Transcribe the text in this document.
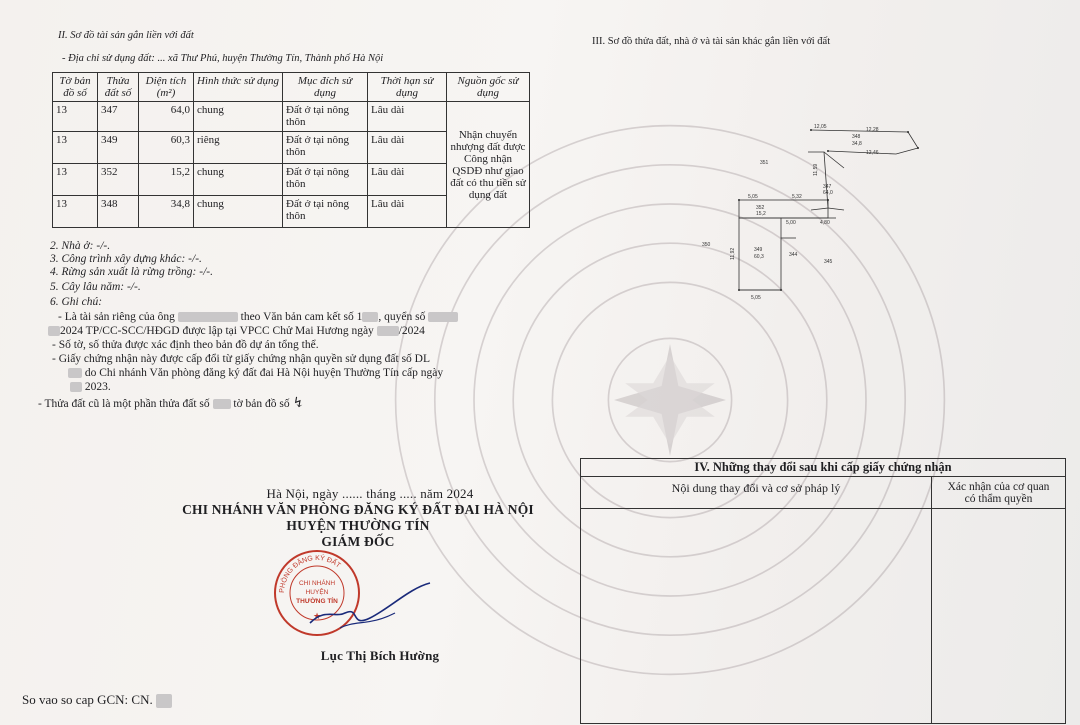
II. Sơ đồ tài sản gắn liền với đất
III. Sơ đồ thửa đất, nhà ở và tài sản khác gắn liền với đất
- Địa chỉ sử dụng đất: ... xã Thư Phú, huyện Thường Tín, Thành phố Hà Nội
Tờ bản đồ số	Thửa đất số	Diện tích (m²)	Hình thức sử dụng	Mục đích sử dụng	Thời hạn sử dụng	Nguồn gốc sử dụng
13	347	64,0	chung	Đất ở tại nông thôn	Lâu dài	Nhận chuyển nhượng đất được Công nhận QSDĐ như giao đất có thu tiền sử dụng đất
13	349	60,3	riêng	Đất ở tại nông thôn	Lâu dài	
13	352	15,2	chung	Đất ở tại nông thôn	Lâu dài	
13	348	34,8	chung	Đất ở tại nông thôn	Lâu dài	
2. Nhà ở: -/-.
3. Công trình xây dựng khác: -/-.
4. Rừng sản xuất là rừng trồng: -/-.
5. Cây lâu năm: -/-.
6. Ghi chú:
- Là tài sản riêng của ông	theo Văn bản cam kết số 1 , quyển số
2024 TP/CC-SCC/HĐGD được lập tại VPCC Chử Mai Hương ngày /2024
- Số tờ, số thửa được xác định theo bản đồ dự án tổng thể.
- Giấy chứng nhận này được cấp đổi từ giấy chứng nhận quyền sử dụng đất số DL
do Chi nhánh Văn phòng đăng ký đất đai Hà Nội huyện Thường Tín cấp ngày
2023.
- Thửa đất cũ là một phần thửa đất số tờ bản đồ số ↯
351
348
34,8
347
64,0
352
15,2
349
60,3
350
344
345
12,05	12,28
12,46
5,05	5,32
5,00	4,80
5,05
11,92
11,59
Hà Nội, ngày ...... tháng ..... năm 2024
CHI NHÁNH VĂN PHÒNG ĐĂNG KÝ ĐẤT ĐAI HÀ NỘI
HUYỆN THƯỜNG TÍN
GIÁM ĐỐC
PHÒNG ĐĂNG KÝ ĐẤT
CHI NHÁNH
HUYỆN
THƯỜNG TÍN
★
Lục Thị Bích Hường
So vao so cap GCN: CN.
IV. Những thay đổi sau khi cấp giấy chứng nhận	
Nội dung thay đổi và cơ sở pháp lý	Xác nhận của cơ quan
có thẩm quyền
